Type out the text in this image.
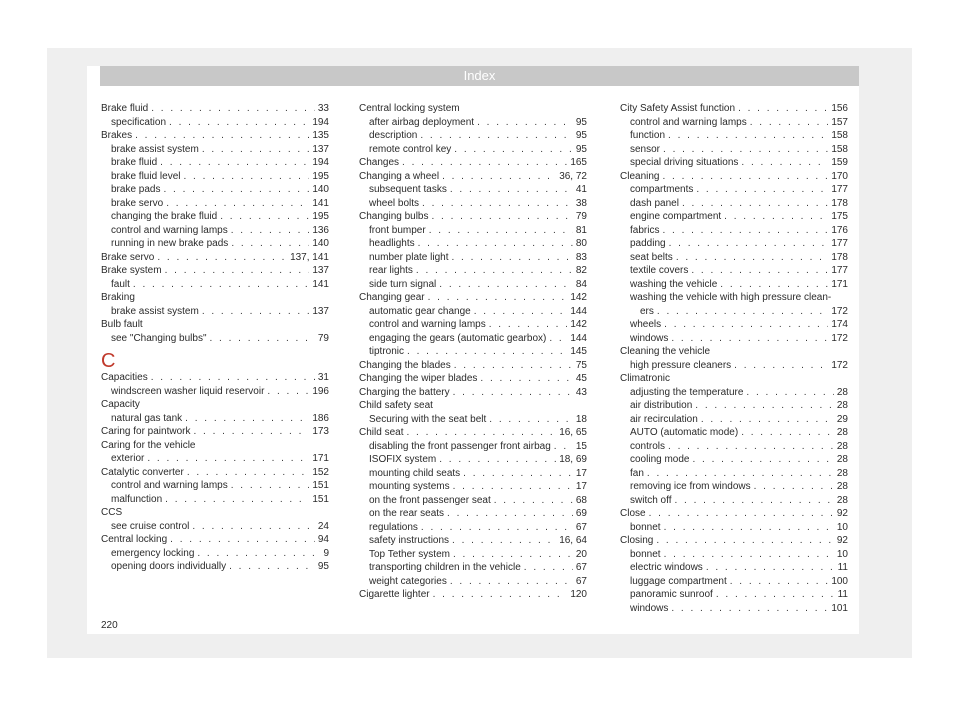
Index
Brake fluid . . .	33
specification . . .	194
Brakes . . .	135
brake assist system . . .	137
brake fluid . . .	194
brake fluid level . . .	195
brake pads . . .	140
brake servo . . .	141
changing the brake fluid . . .	195
control and warning lamps . . .	136
running in new brake pads . . .	140
Brake servo . . .	137, 141
Brake system . . .	137
fault . . .	141
Braking
brake assist system . . .	137
Bulb fault
see "Changing bulbs" . . .	79
C
Capacities . . .	31
windscreen washer liquid reservoir . . .	196
Capacity
natural gas tank . . .	186
Caring for paintwork . . .	173
Caring for the vehicle
exterior . . .	171
Catalytic converter . . .	152
control and warning lamps . . .	151
malfunction . . .	151
CCS
see cruise control . . .	24
Central locking . . .	94
emergency locking . . .	9
opening doors individually . . .	95
Central locking system
after airbag deployment . . .	95
description . . .	95
remote control key . . .	95
Changes . . .	165
Changing a wheel . . .	36, 72
subsequent tasks . . .	41
wheel bolts . . .	38
Changing bulbs . . .	79
front bumper . . .	81
headlights . . .	80
number plate light . . .	83
rear lights . . .	82
side turn signal . . .	84
Changing gear . . .	142
automatic gear change . . .	144
control and warning lamps . . .	142
engaging the gears (automatic gearbox) . . . 144
tiptronic . . .	145
Changing the blades . . .	75
Changing the wiper blades . . .	45
Charging the battery . . .	43
Child safety seat
Securing with the seat belt . . .	18
Child seat . . .	16, 65
disabling the front passenger front airbag . . .	15
ISOFIX system . . .	18, 69
mounting child seats . . .	17
mounting systems . . .	17
on the front passenger seat . . .	68
on the rear seats . . .	69
regulations . . .	67
safety instructions . . .	16, 64
Top Tether system . . .	20
transporting children in the vehicle . . .	67
weight categories . . .	67
Cigarette lighter . . .	120
City Safety Assist function . . .	156
control and warning lamps . . .	157
function . . .	158
sensor . . .	158
special driving situations . . .	159
Cleaning . . .	170
compartments . . .	177
dash panel . . .	178
engine compartment . . .	175
fabrics . . .	176
padding . . .	177
seat belts . . .	178
textile covers . . .	177
washing the vehicle . . .	171
washing the vehicle with high pressure clean-
ers . . .	172
wheels . . .	174
windows . . .	172
Cleaning the vehicle
high pressure cleaners . . .	172
Climatronic
adjusting the temperature . . .	28
air distribution . . .	28
air recirculation . . .	29
AUTO (automatic mode) . . .	28
controls . . .	28
cooling mode . . .	28
fan . . .	28
removing ice from windows . . .	28
switch off . . .	28
Close . . .	92
bonnet . . .	10
Closing . . .	92
bonnet . . .	10
electric windows . . .	11
luggage compartment . . .	100
panoramic sunroof . . .	11
windows . . .	101
220
